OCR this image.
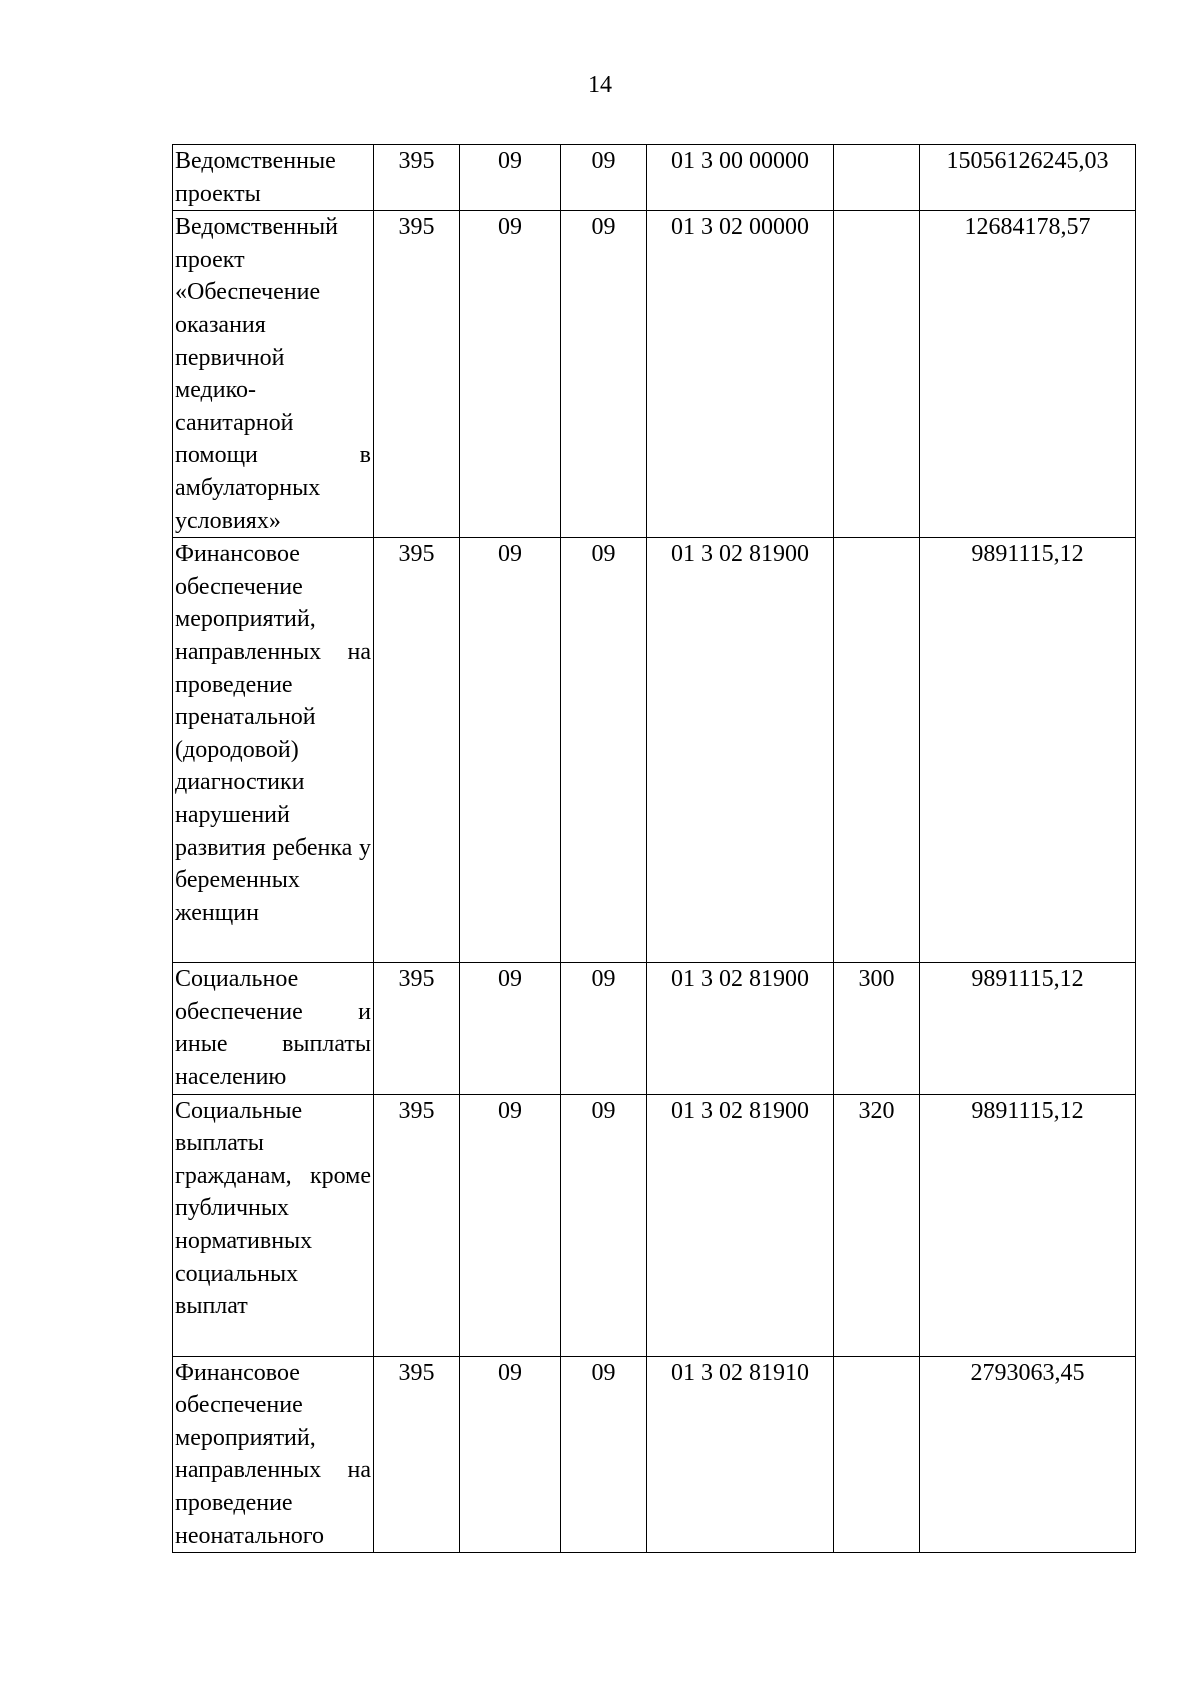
14
Ведомственные проекты	395	09	09	01 3 00 00000		15056126245,03
Ведомственный проект «Обеспечение оказания первичной медико-санитарной помощи в амбулаторных условиях»	395	09	09	01 3 02 00000		12684178,57
Финансовое обеспечение мероприятий, направленных на проведение пренатальной (дородовой) диагностики нарушений развития ребенка у беременных женщин	395	09	09	01 3 02 81900		9891115,12
Социальное обеспечение и иные выплаты населению	395	09	09	01 3 02 81900	300	9891115,12
Социальные выплаты гражданам, кроме публичных нормативных социальных выплат	395	09	09	01 3 02 81900	320	9891115,12
Финансовое обеспечение мероприятий, направленных на проведение неонатального	395	09	09	01 3 02 81910		2793063,45
